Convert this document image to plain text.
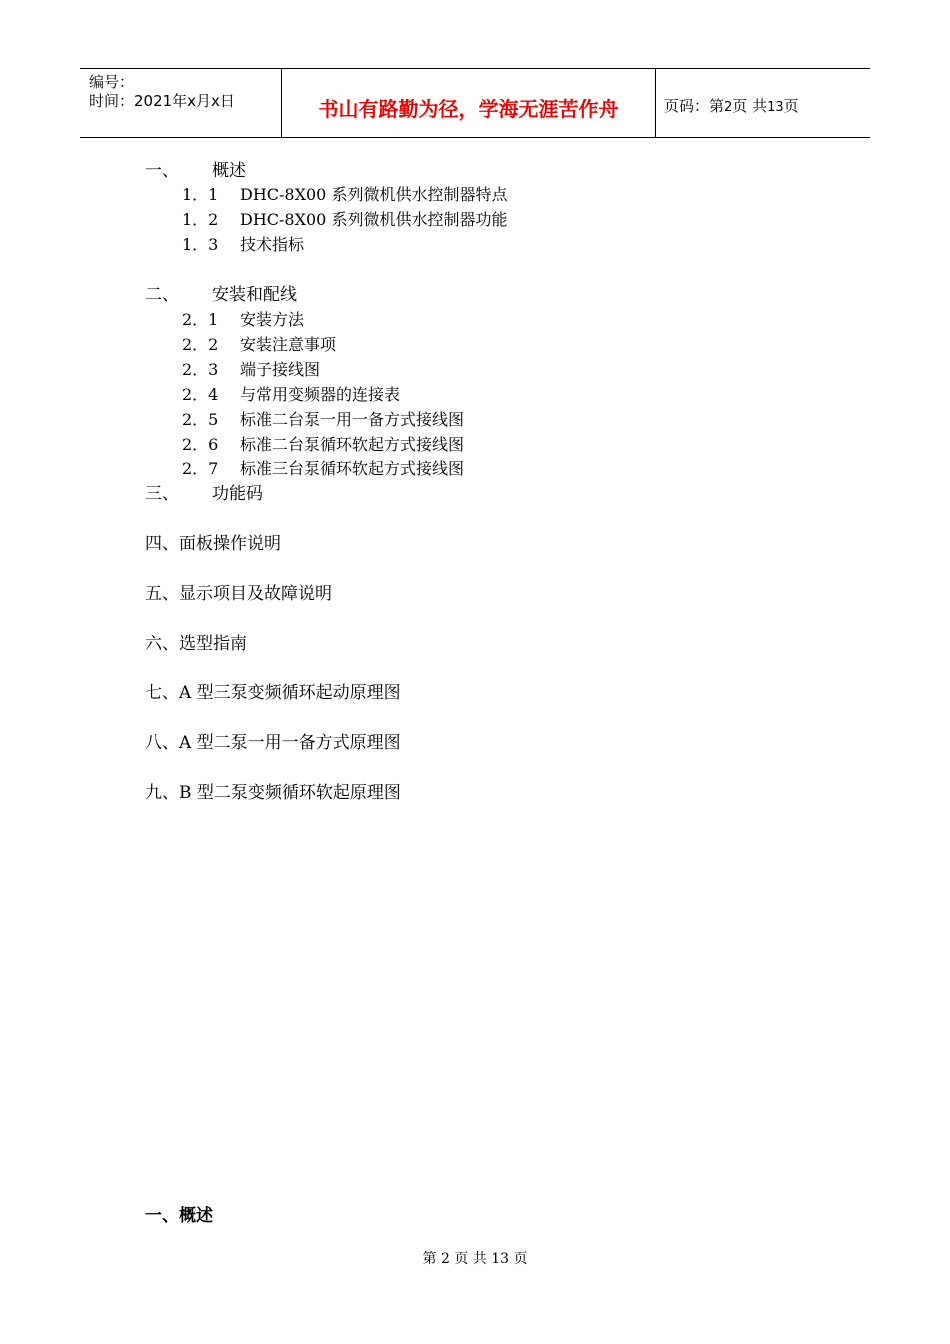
编号：
时间：2021年x月x日	书山有路勤为径，学海无涯苦作舟	页码：第2页 共13页
一、 概述
1．1 DHC-8X00 系列微机供水控制器特点
1．2 DHC-8X00 系列微机供水控制器功能
1．3 技术指标
二、 安装和配线
2．1 安装方法
2．2 安装注意事项
2．3 端子接线图
2．4 与常用变频器的连接表
2．5 标准二台泵一用一备方式接线图
2．6 标准二台泵循环软起方式接线图
2．7 标准三台泵循环软起方式接线图
三、 功能码
四、面板操作说明
五、显示项目及故障说明
六、选型指南
七、A 型三泵变频循环起动原理图
八、A 型二泵一用一备方式原理图
九、B 型二泵变频循环软起原理图
一、概述
第 2 页 共 13 页
